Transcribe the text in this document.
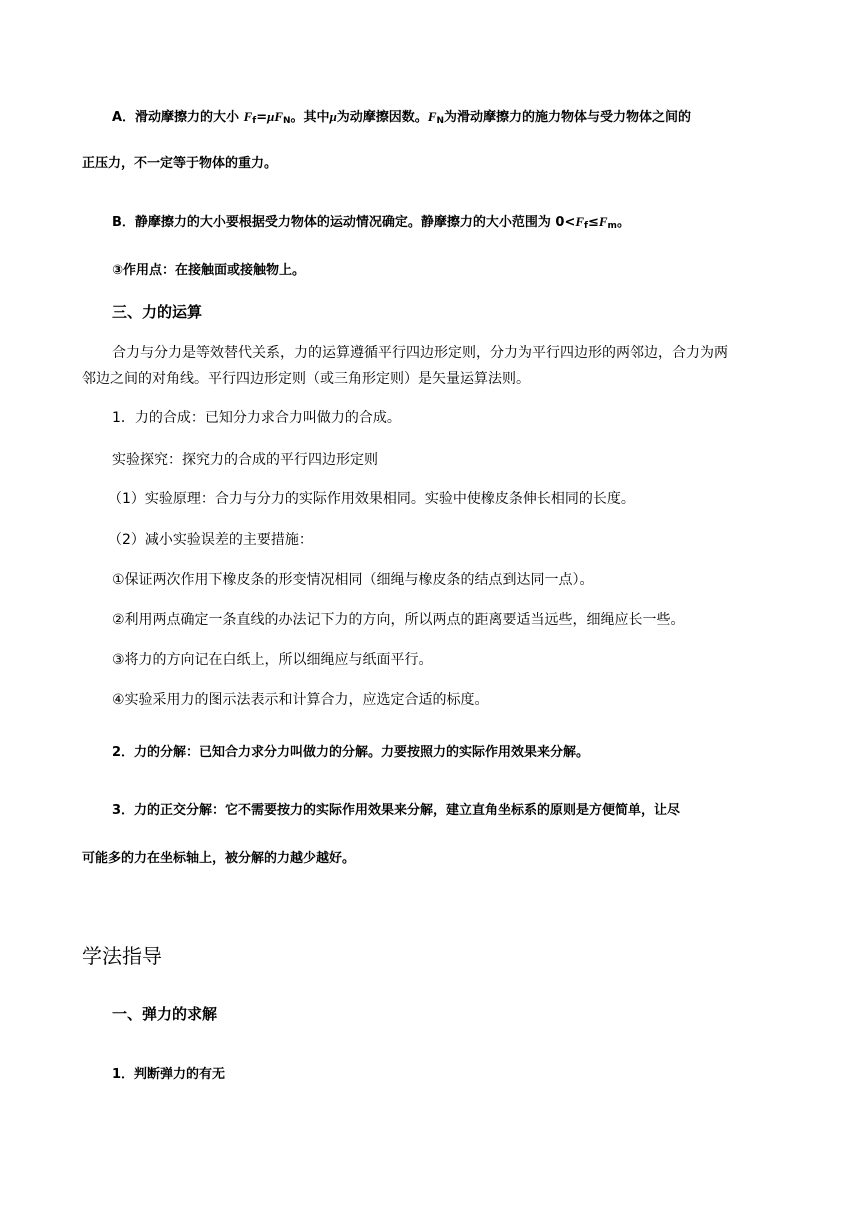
A．滑动摩擦力的大小 $F_f=\mu F_N$。其中μ为动摩擦因数。$F_N$为滑动摩擦力的施力物体与受力物体之间的
正压力，不一定等于物体的重力。
B．静摩擦力的大小要根据受力物体的运动情况确定。静摩擦力的大小范围为 $0<F_f\le F_m$。
③作用点：在接触面或接触物上。
三、力的运算
合力与分力是等效替代关系，力的运算遵循平行四边形定则，分力为平行四边形的两邻边，合力为两
邻边之间的对角线。平行四边形定则（或三角形定则）是矢量运算法则。
1．力的合成：已知分力求合力叫做力的合成。
实验探究：探究力的合成的平行四边形定则
（1）实验原理：合力与分力的实际作用效果相同。实验中使橡皮条伸长相同的长度。
（2）减小实验误差的主要措施：
①保证两次作用下橡皮条的形变情况相同（细绳与橡皮条的结点到达同一点）。
②利用两点确定一条直线的办法记下力的方向，所以两点的距离要适当远些，细绳应长一些。
③将力的方向记在白纸上，所以细绳应与纸面平行。
④实验采用力的图示法表示和计算合力，应选定合适的标度。
2．力的分解：已知合力求分力叫做力的分解。力要按照力的实际作用效果来分解。
3．力的正交分解：它不需要按力的实际作用效果来分解，建立直角坐标系的原则是方便简单，让尽
可能多的力在坐标轴上，被分解的力越少越好。
学法指导
一、弹力的求解
1．判断弹力的有无
